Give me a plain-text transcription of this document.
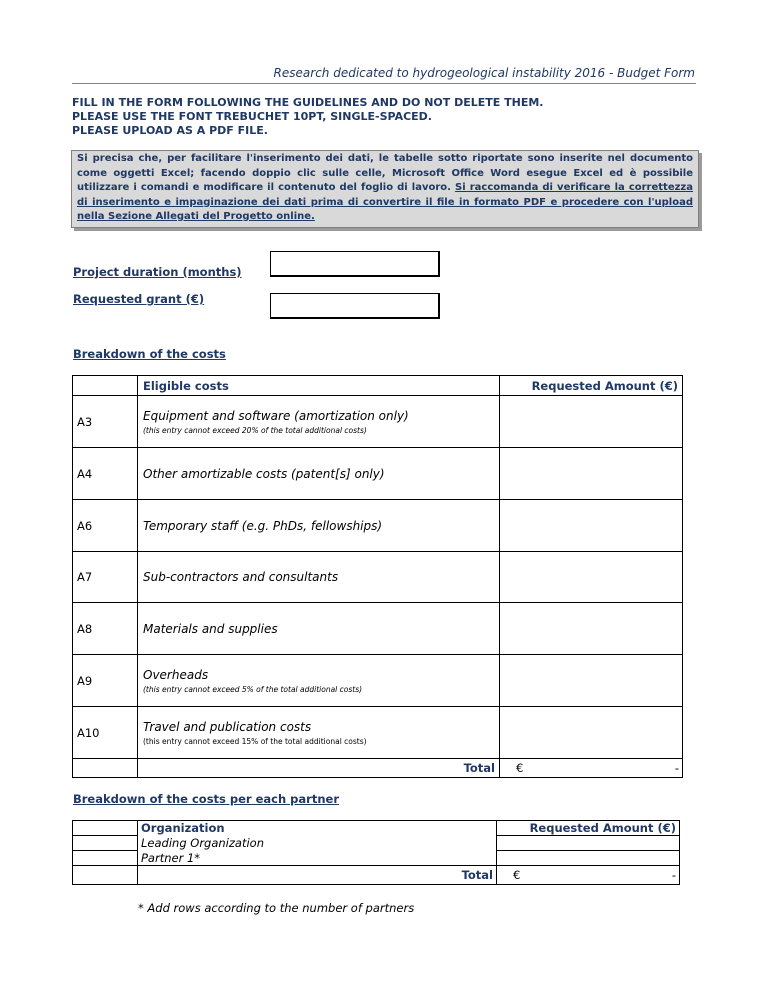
Research dedicated to hydrogeological instability 2016 - Budget Form
FILL IN THE FORM FOLLOWING THE GUIDELINES AND DO NOT DELETE THEM.
PLEASE USE THE FONT TREBUCHET 10PT, SINGLE-SPACED.
PLEASE UPLOAD AS A PDF FILE.
Si precisa che, per facilitare l'inserimento dei dati, le tabelle sotto riportate sono inserite nel documento come oggetti Excel; facendo doppio clic sulle celle, Microsoft Office Word esegue Excel ed è possibile utilizzare i comandi e modificare il contenuto del foglio di lavoro. Si raccomanda di verificare la correttezza di inserimento e impaginazione dei dati prima di convertire il file in formato PDF e procedere con l'upload nella Sezione Allegati del Progetto online.
Project duration (months)
Requested grant (€)
Breakdown of the costs
	Eligible costs	Requested Amount (€)
A3	Equipment and software (amortization only)
(this entry cannot exceed 20% of the total additional costs)	

A4	Other amortizable costs (patent[s] only)	
A6	Temporary staff (e.g. PhDs, fellowships)	
A7	Sub-contractors and consultants	
A8	Materials and supplies	
A9	Overheads
(this entry cannot exceed 5% of the total additional costs)	

A10	Travel and publication costs
(this entry cannot exceed 15% of the total additional costs)	

	Total	€ -
Breakdown of the costs per each partner
	Organization	Requested Amount (€)
	Leading Organization	
	Partner 1*	
	Total	€ -
* Add rows according to the number of partners
